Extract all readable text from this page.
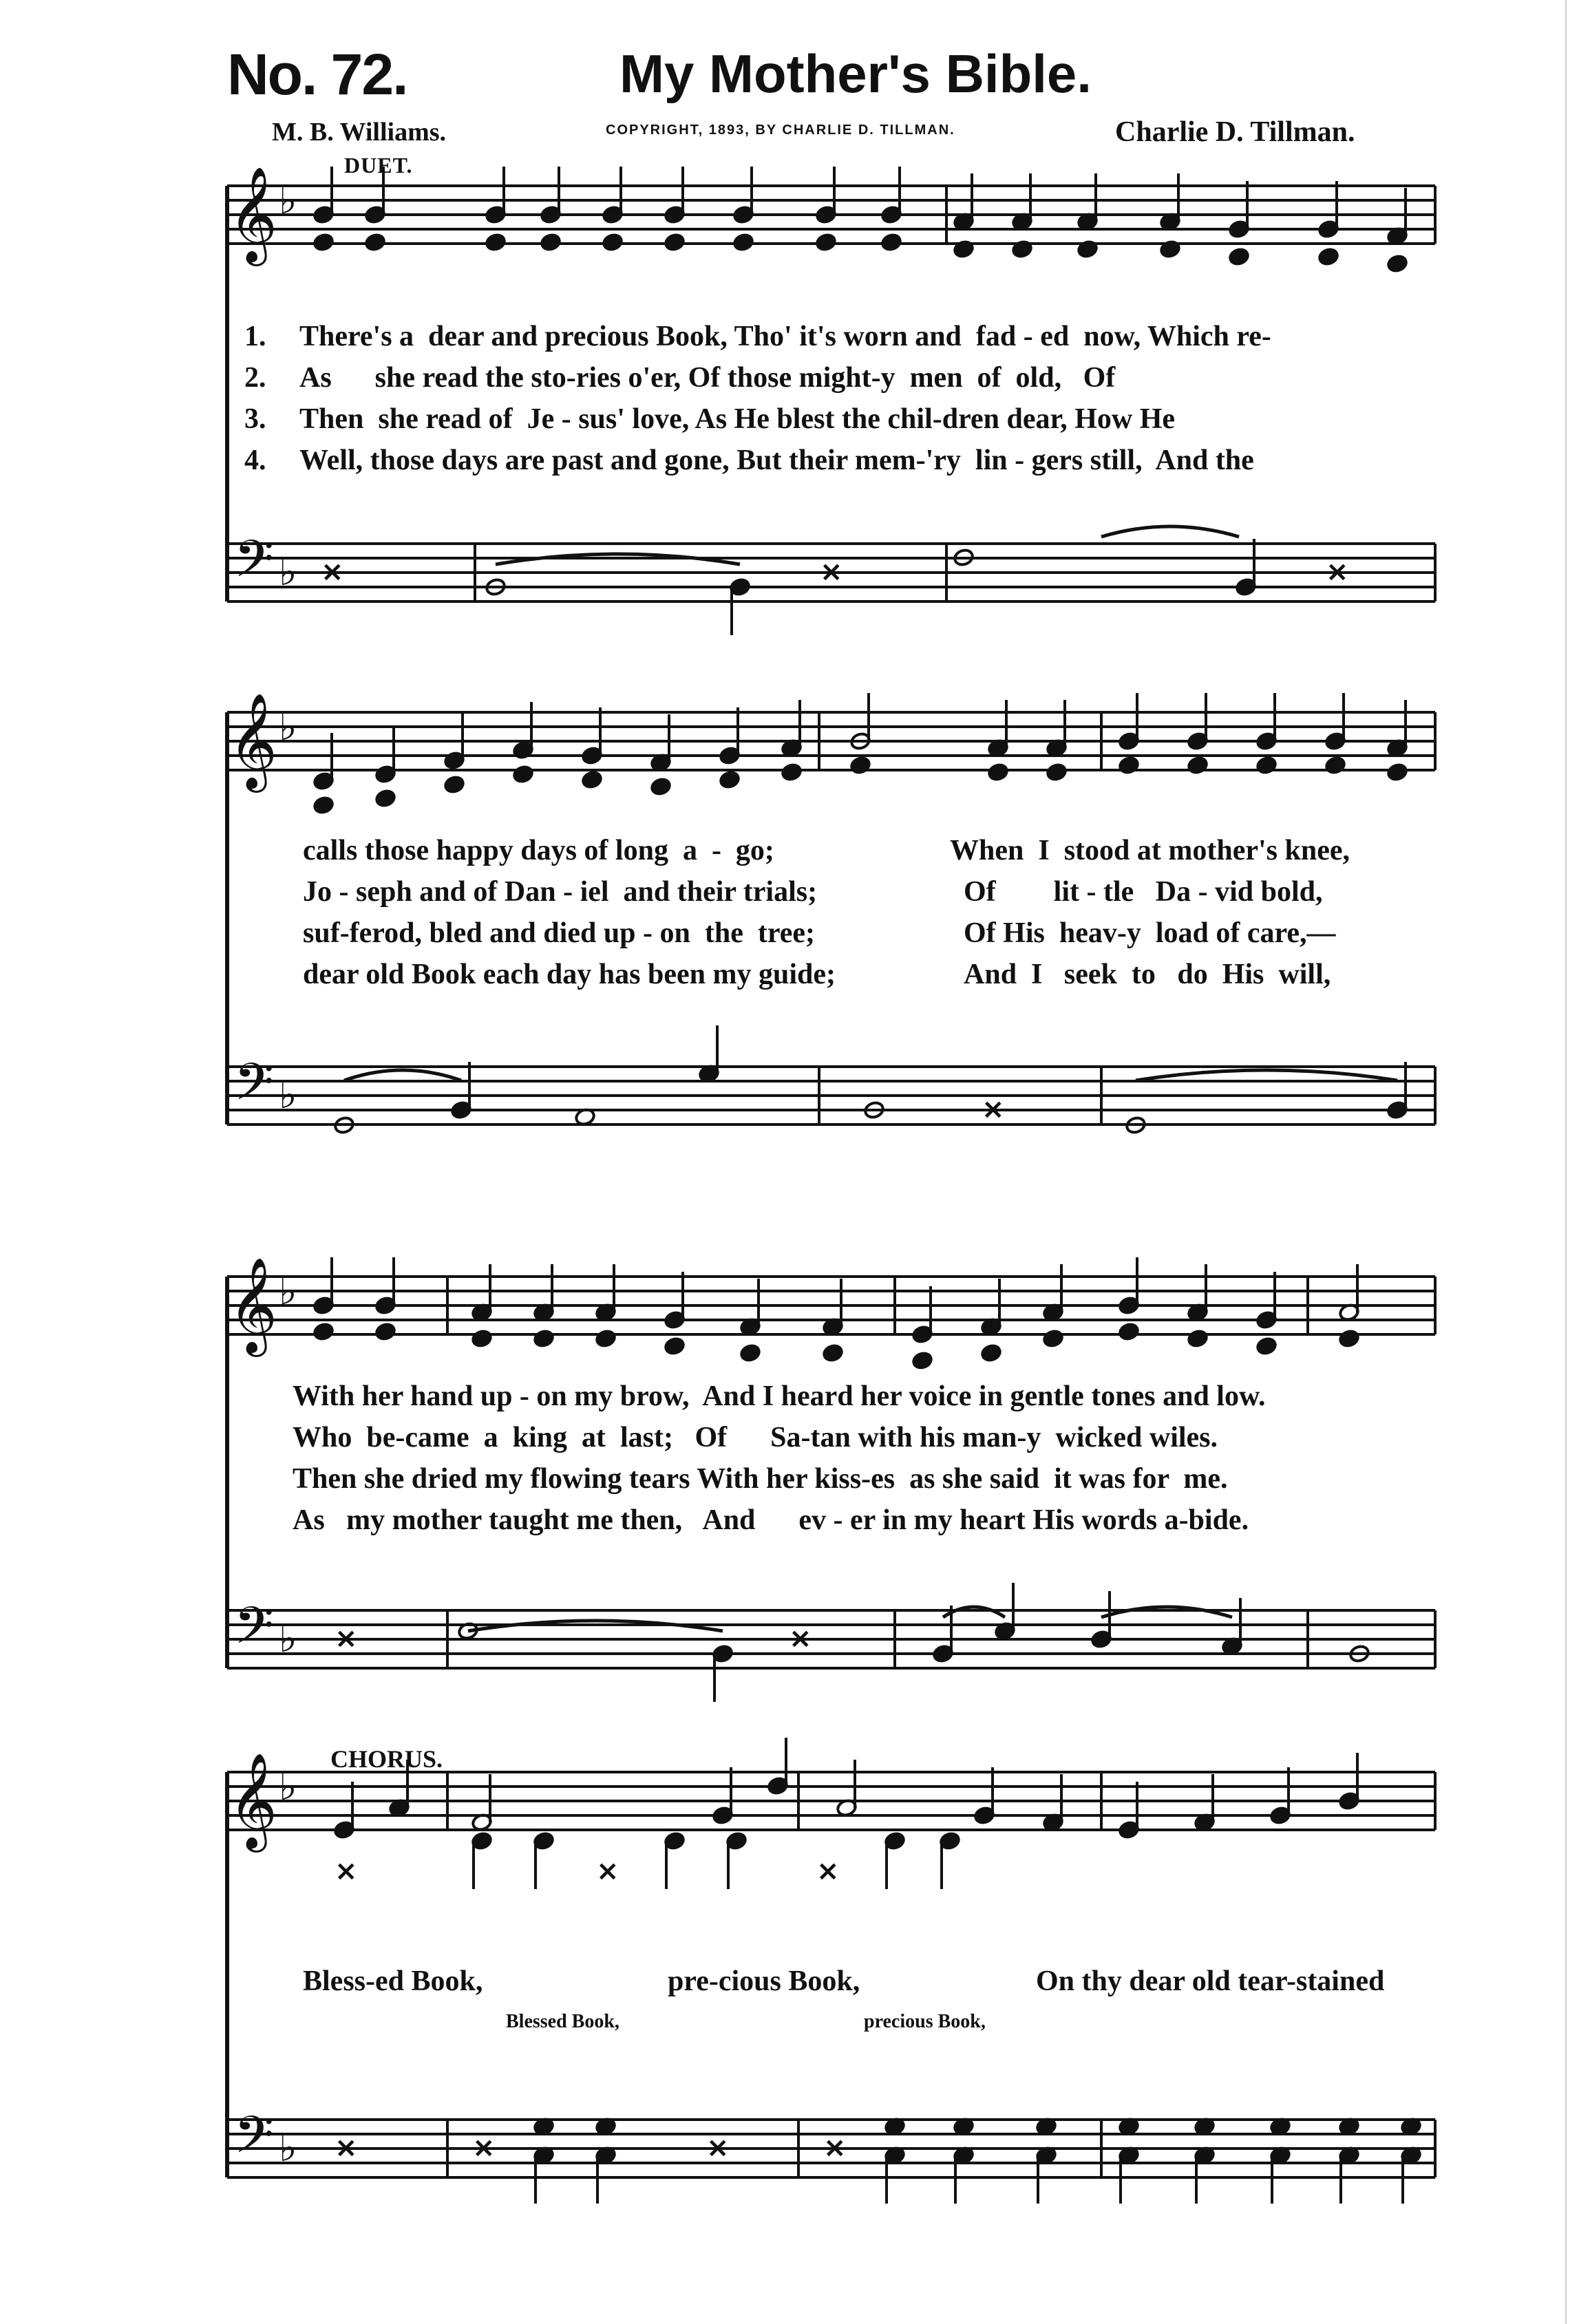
No. 72.	My Mother's Bible.
M. B. Williams.	COPYRIGHT, 1893, BY CHARLIE D. TILLMAN.	Charlie D. Tillman.
DUET.
CHORUS.
𝄞
𝄢
♭
♭ ×	×	×
𝄞
𝄢
♭
♭	×
𝄞
𝄢
♭
♭ ×	×
𝄞
𝄢
♭
♭
×	×	×
×	×	×	×
1. There's a  dear and precious Book, Tho' it's worn and  fad - ed  now, Which re-
2. As      she read the sto-ries o'er, Of those might-y  men  of  old,   Of
3. Then  she read of  Je - sus' love, As He blest the chil-dren dear, How He
4. Well, those days are past and gone, But their mem-'ry  lin - gers still,  And the
calls those happy days of long  a  -  go;
Jo - seph and of Dan - iel  and their trials;
suf-ferod, bled and died up - on  the  tree;
dear old Book each day has been my guide;
When  I  stood at mother's knee,
Of        lit - tle   Da - vid bold,
Of His  heav-y  load of care,—
And  I   seek  to   do  His  will,
With her hand up - on my brow,  And I heard her voice in gentle tones and low.
Who  be-came  a  king  at  last;   Of      Sa-tan with his man-y  wicked wiles.
Then she dried my flowing tears With her kiss-es  as she said  it was for  me.
As   my mother taught me then,   And      ev - er in my heart His words a-bide.
Bless-ed Book,	pre-cious Book,	On thy dear old tear-stained
Blessed Book,	precious Book,
